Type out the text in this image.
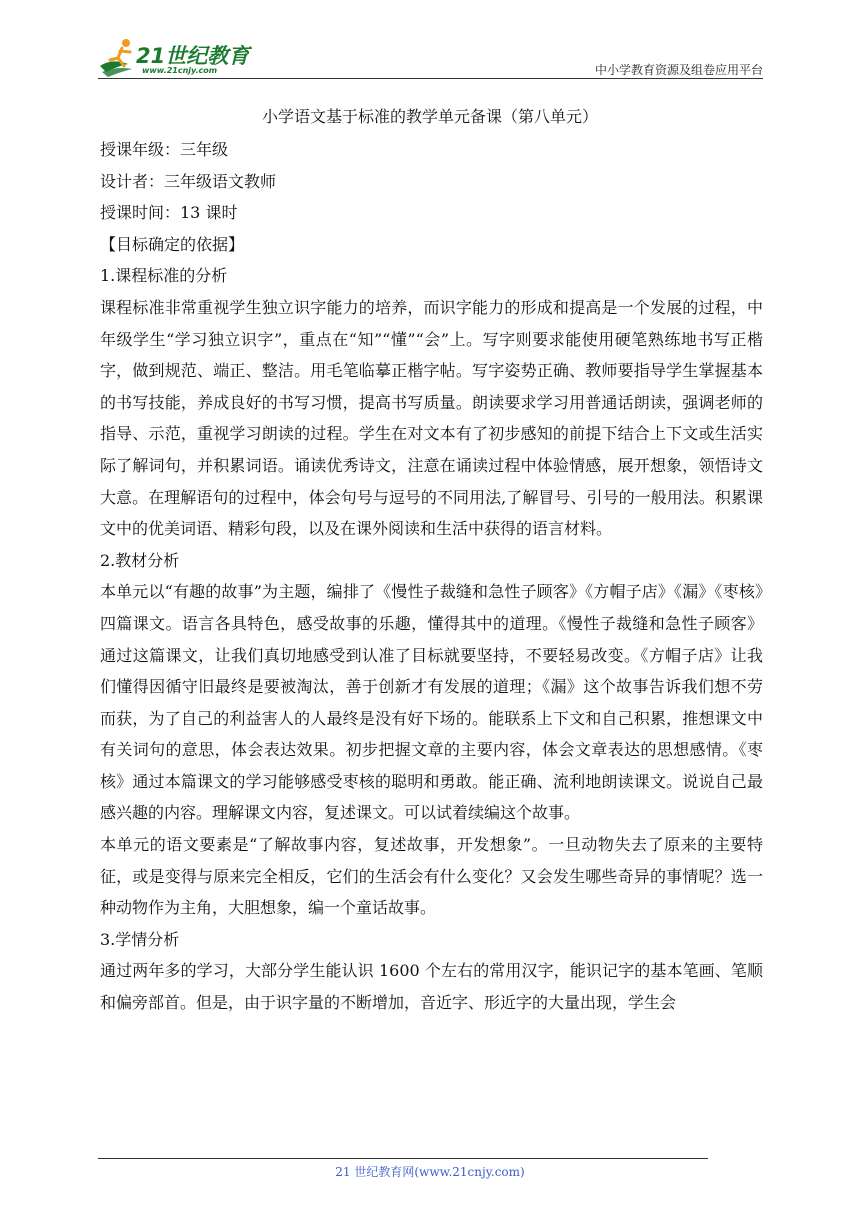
21世纪教育
www.21cnjy.com	中小学教育资源及组卷应用平台
小学语文基于标准的教学单元备课（第八单元）

授课年级：三年级

设计者：三年级语文教师

授课时间：13 课时

【目标确定的依据】

1.课程标准的分析

课程标准非常重视学生独立识字能力的培养，而识字能力的形成和提高是一个发展的过程，中年级学生“学习独立识字”，重点在“知”“懂”“会”上。写字则要求能使用硬笔熟练地书写正楷字，做到规范、端正、整洁。用毛笔临摹正楷字帖。写字姿势正确、教师要指导学生掌握基本的书写技能，养成良好的书写习惯，提高书写质量。朗读要求学习用普通话朗读，强调老师的指导、示范，重视学习朗读的过程。学生在对文本有了初步感知的前提下结合上下文或生活实际了解词句，并积累词语。诵读优秀诗文，注意在诵读过程中体验情感，展开想象，领悟诗文大意。在理解语句的过程中，体会句号与逗号的不同用法,了解冒号、引号的一般用法。积累课文中的优美词语、精彩句段，以及在课外阅读和生活中获得的语言材料。

2.教材分析

本单元以“有趣的故事”为主题，编排了《慢性子裁缝和急性子顾客》《方帽子店》《漏》《枣核》四篇课文。语言各具特色，感受故事的乐趣，懂得其中的道理。《慢性子裁缝和急性子顾客》通过这篇课文，让我们真切地感受到认准了目标就要坚持，不要轻易改变。《方帽子店》让我们懂得因循守旧最终是要被淘汰，善于创新才有发展的道理；《漏》这个故事告诉我们想不劳而获，为了自己的利益害人的人最终是没有好下场的。能联系上下文和自己积累，推想课文中有关词句的意思，体会表达效果。初步把握文章的主要内容，体会文章表达的思想感情。《枣核》通过本篇课文的学习能够感受枣核的聪明和勇敢。能正确、流利地朗读课文。说说自己最感兴趣的内容。理解课文内容，复述课文。可以试着续编这个故事。

本单元的语文要素是“了解故事内容，复述故事，开发想象”。一旦动物失去了原来的主要特征，或是变得与原来完全相反，它们的生活会有什么变化？又会发生哪些奇异的事情呢？选一种动物作为主角，大胆想象，编一个童话故事。

3.学情分析

通过两年多的学习，大部分学生能认识 1600 个左右的常用汉字，能识记字的基本笔画、笔顺和偏旁部首。但是，由于识字量的不断增加，音近字、形近字的大量出现，学生会

21 世纪教育网(www.21cnjy.com)
